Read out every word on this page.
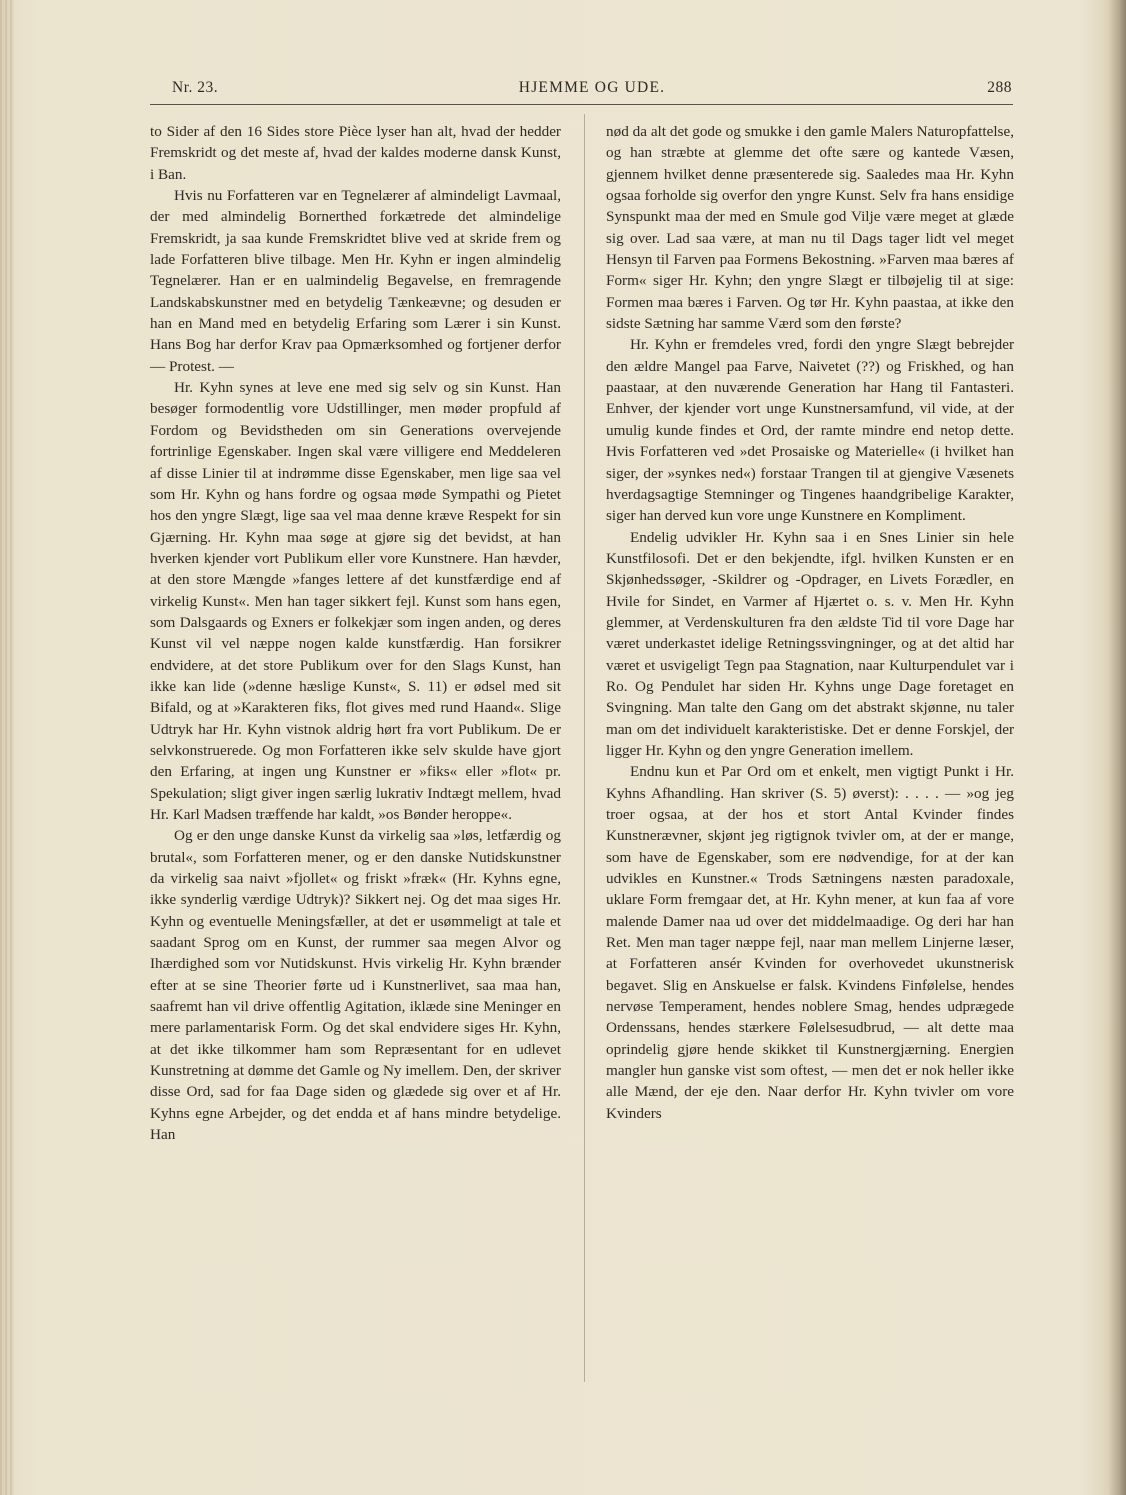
Nr. 23.	HJEMME OG UDE.	288

to Sider af den 16 Sides store Pièce lyser han alt, hvad der hedder Fremskridt og det meste af, hvad der kaldes moderne dansk Kunst, i Ban.

Hvis nu Forfatteren var en Tegnelærer af almindeligt Lavmaal, der med almindelig Bornerthed forkætrede det almindelige Fremskridt, ja saa kunde Fremskridtet blive ved at skride frem og lade Forfatteren blive tilbage. Men Hr. Kyhn er ingen almindelig Tegnelærer. Han er en ualmindelig Begavelse, en fremragende Landskabskunstner med en betydelig Tænkeævne; og desuden er han en Mand med en betydelig Erfaring som Lærer i sin Kunst. Hans Bog har derfor Krav paa Opmærksomhed og fortjener derfor — Protest. —

Hr. Kyhn synes at leve ene med sig selv og sin Kunst. Han besøger formodentlig vore Udstillinger, men møder propfuld af Fordom og Bevidstheden om sin Generations overvejende fortrinlige Egenskaber. Ingen skal være villigere end Meddeleren af disse Linier til at indrømme disse Egenskaber, men lige saa vel som Hr. Kyhn og hans fordre og ogsaa møde Sympathi og Pietet hos den yngre Slægt, lige saa vel maa denne kræve Respekt for sin Gjærning. Hr. Kyhn maa søge at gjøre sig det bevidst, at han hverken kjender vort Publikum eller vore Kunstnere. Han hævder, at den store Mængde »fanges lettere af det kunstfærdige end af virkelig Kunst«. Men han tager sikkert fejl. Kunst som hans egen, som Dalsgaards og Exners er folkekjær som ingen anden, og deres Kunst vil vel næppe nogen kalde kunstfærdig. Han forsikrer endvidere, at det store Publikum over for den Slags Kunst, han ikke kan lide (»denne hæslige Kunst«, S. 11) er ødsel med sit Bifald, og at »Karakteren fiks, flot gives med rund Haand«. Slige Udtryk har Hr. Kyhn vistnok aldrig hørt fra vort Publikum. De er selvkonstruerede. Og mon Forfatteren ikke selv skulde have gjort den Erfaring, at ingen ung Kunstner er »fiks« eller »flot« pr. Spekulation; sligt giver ingen særlig lukrativ Indtægt mellem, hvad Hr. Karl Madsen træffende har kaldt, »os Bønder heroppe«.

Og er den unge danske Kunst da virkelig saa »løs, letfærdig og brutal«, som Forfatteren mener, og er den danske Nutidskunstner da virkelig saa naivt »fjollet« og friskt »fræk« (Hr. Kyhns egne, ikke synderlig værdige Udtryk)? Sikkert nej. Og det maa siges Hr. Kyhn og eventuelle Meningsfæller, at det er usømmeligt at tale et saadant Sprog om en Kunst, der rummer saa megen Alvor og Ihærdighed som vor Nutidskunst. Hvis virkelig Hr. Kyhn brænder efter at se sine Theorier førte ud i Kunstnerlivet, saa maa han, saafremt han vil drive offentlig Agitation, iklæde sine Meninger en mere parlamentarisk Form. Og det skal endvidere siges Hr. Kyhn, at det ikke tilkommer ham som Repræsentant for en udlevet Kunstretning at dømme det Gamle og Ny imellem. Den, der skriver disse Ord, sad for faa Dage siden og glædede sig over et af Hr. Kyhns egne Arbejder, og det endda et af hans mindre betydelige. Han

nød da alt det gode og smukke i den gamle Malers Naturopfattelse, og han stræbte at glemme det ofte sære og kantede Væsen, gjennem hvilket denne præsenterede sig. Saaledes maa Hr. Kyhn ogsaa forholde sig overfor den yngre Kunst. Selv fra hans ensidige Synspunkt maa der med en Smule god Vilje være meget at glæde sig over. Lad saa være, at man nu til Dags tager lidt vel meget Hensyn til Farven paa Formens Bekostning. »Farven maa bæres af Form« siger Hr. Kyhn; den yngre Slægt er tilbøjelig til at sige: Formen maa bæres i Farven. Og tør Hr. Kyhn paastaa, at ikke den sidste Sætning har samme Værd som den første?

Hr. Kyhn er fremdeles vred, fordi den yngre Slægt bebrejder den ældre Mangel paa Farve, Naivetet (??) og Friskhed, og han paastaar, at den nuværende Generation har Hang til Fantasteri. Enhver, der kjender vort unge Kunstnersamfund, vil vide, at der umulig kunde findes et Ord, der ramte mindre end netop dette. Hvis Forfatteren ved »det Prosaiske og Materielle« (i hvilket han siger, der »synkes ned«) forstaar Trangen til at gjengive Væsenets hverdagsagtige Stemninger og Tingenes haandgribelige Karakter, siger han derved kun vore unge Kunstnere en Kompliment.

Endelig udvikler Hr. Kyhn saa i en Snes Linier sin hele Kunstfilosofi. Det er den bekjendte, ifgl. hvilken Kunsten er en Skjønhedssøger, -Skildrer og -Opdrager, en Livets Forædler, en Hvile for Sindet, en Varmer af Hjærtet o. s. v. Men Hr. Kyhn glemmer, at Verdenskulturen fra den ældste Tid til vore Dage har været underkastet idelige Retningssvingninger, og at det altid har været et usvigeligt Tegn paa Stagnation, naar Kulturpendulet var i Ro. Og Pendulet har siden Hr. Kyhns unge Dage foretaget en Svingning. Man talte den Gang om det abstrakt skjønne, nu taler man om det individuelt karakteristiske. Det er denne Forskjel, der ligger Hr. Kyhn og den yngre Generation imellem.

Endnu kun et Par Ord om et enkelt, men vigtigt Punkt i Hr. Kyhns Afhandling. Han skriver (S. 5) øverst): . . . . — »og jeg troer ogsaa, at der hos et stort Antal Kvinder findes Kunstnerævner, skjønt jeg rigtignok tvivler om, at der er mange, som have de Egenskaber, som ere nødvendige, for at der kan udvikles en Kunstner.« Trods Sætningens næsten paradoxale, uklare Form fremgaar det, at Hr. Kyhn mener, at kun faa af vore malende Damer naa ud over det middelmaadige. Og deri har han Ret. Men man tager næppe fejl, naar man mellem Linjerne læser, at Forfatteren ansér Kvinden for overhovedet ukunstnerisk begavet. Slig en Anskuelse er falsk. Kvindens Finfølelse, hendes nervøse Temperament, hendes noblere Smag, hendes udprægede Ordenssans, hendes stærkere Følelsesudbrud, — alt dette maa oprindelig gjøre hende skikket til Kunstnergjærning. Energien mangler hun ganske vist som oftest, — men det er nok heller ikke alle Mænd, der eje den. Naar derfor Hr. Kyhn tvivler om vore Kvinders
